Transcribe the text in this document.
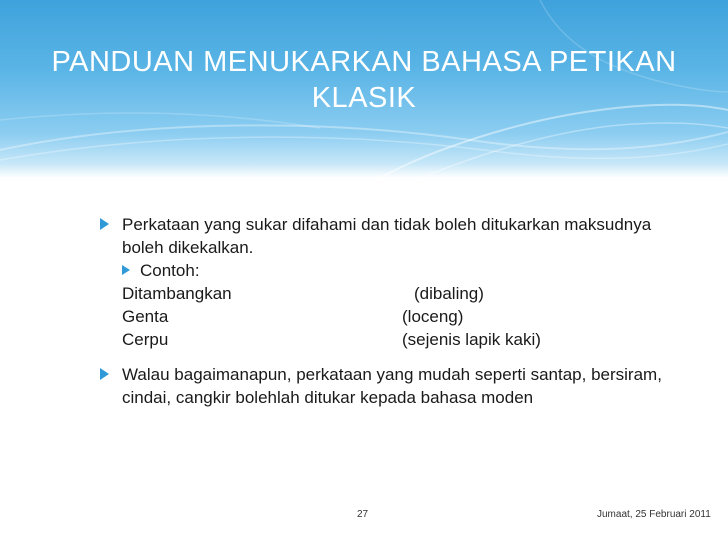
PANDUAN MENUKARKAN BAHASA PETIKAN KLASIK
Perkataan yang sukar difahami dan tidak boleh ditukarkan maksudnya boleh dikekalkan.
Contoh:
Ditambangkan	(dibaling)
Genta	(loceng)
Cerpu	(sejenis lapik kaki)
Walau bagaimanapun, perkataan yang mudah seperti santap, bersiram, cindai, cangkir bolehlah ditukar kepada bahasa moden
27	Jumaat, 25 Februari 2011
